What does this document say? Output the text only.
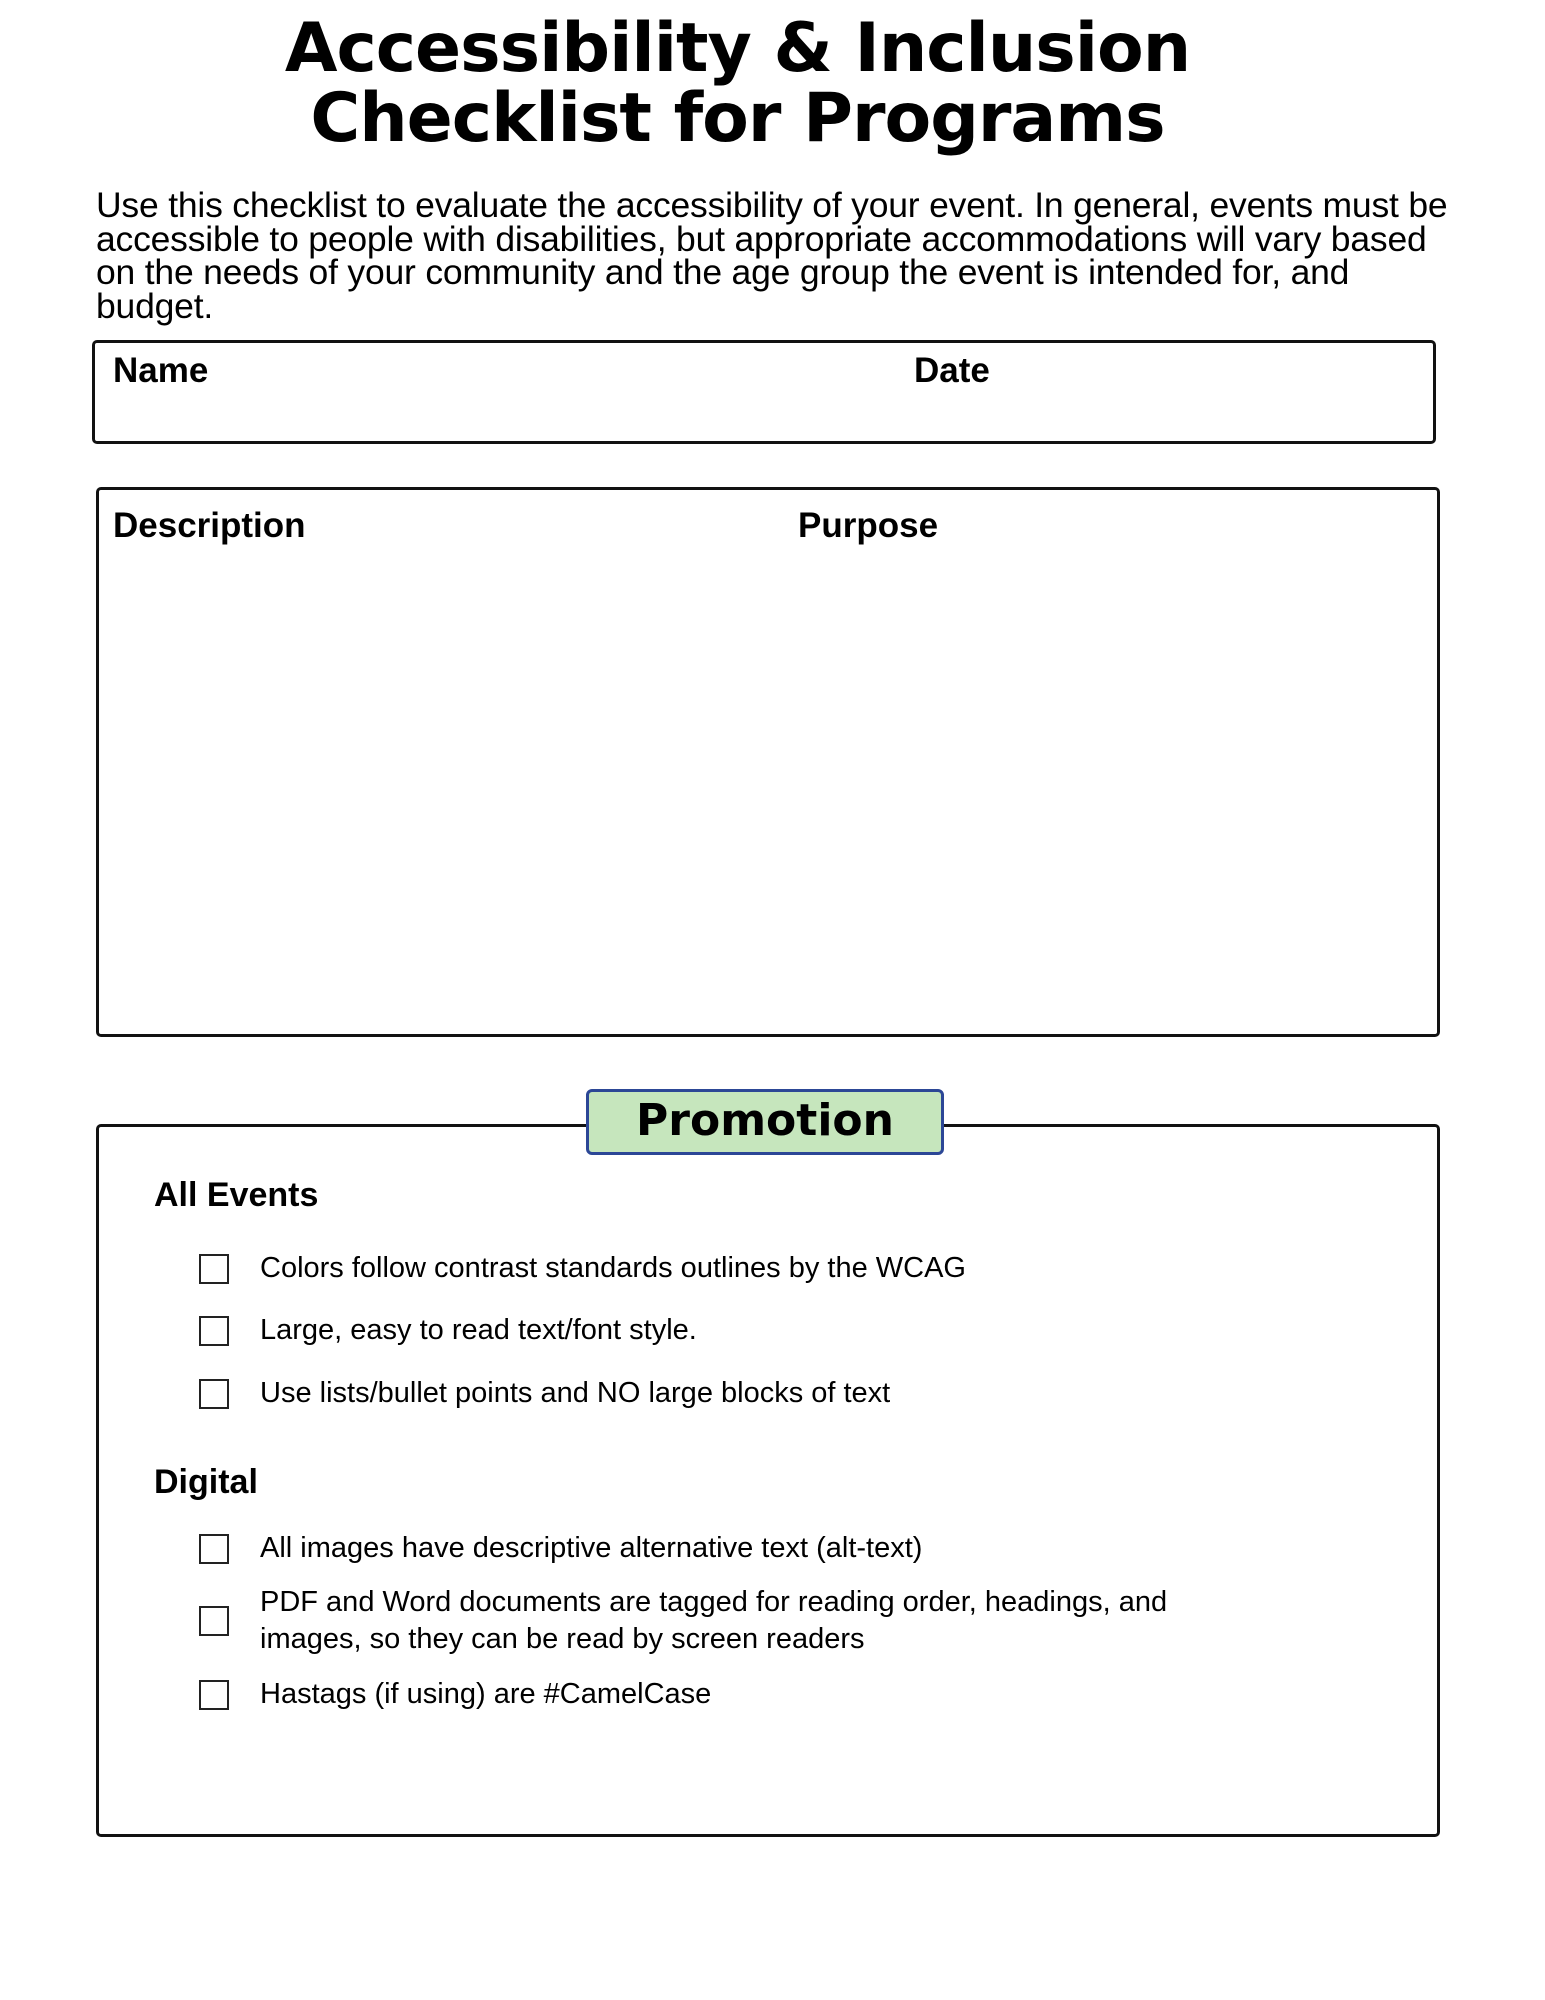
Accessibility & Inclusion
Checklist for Programs

Use this checklist to evaluate the accessibility of your event. In general, events must be accessible to people with disabilities, but appropriate accommodations will vary based on the needs of your community and the age group the event is intended for, and budget.

Name	Date
Description	Purpose
Promotion
All Events
Colors follow contrast standards outlines by the WCAG
Large, easy to read text/font style.
Use lists/bullet points and NO large blocks of text
Digital
All images have descriptive alternative text (alt-text)
PDF and Word documents are tagged for reading order, headings, and images, so they can be read by screen readers
Hastags (if using) are #CamelCase
